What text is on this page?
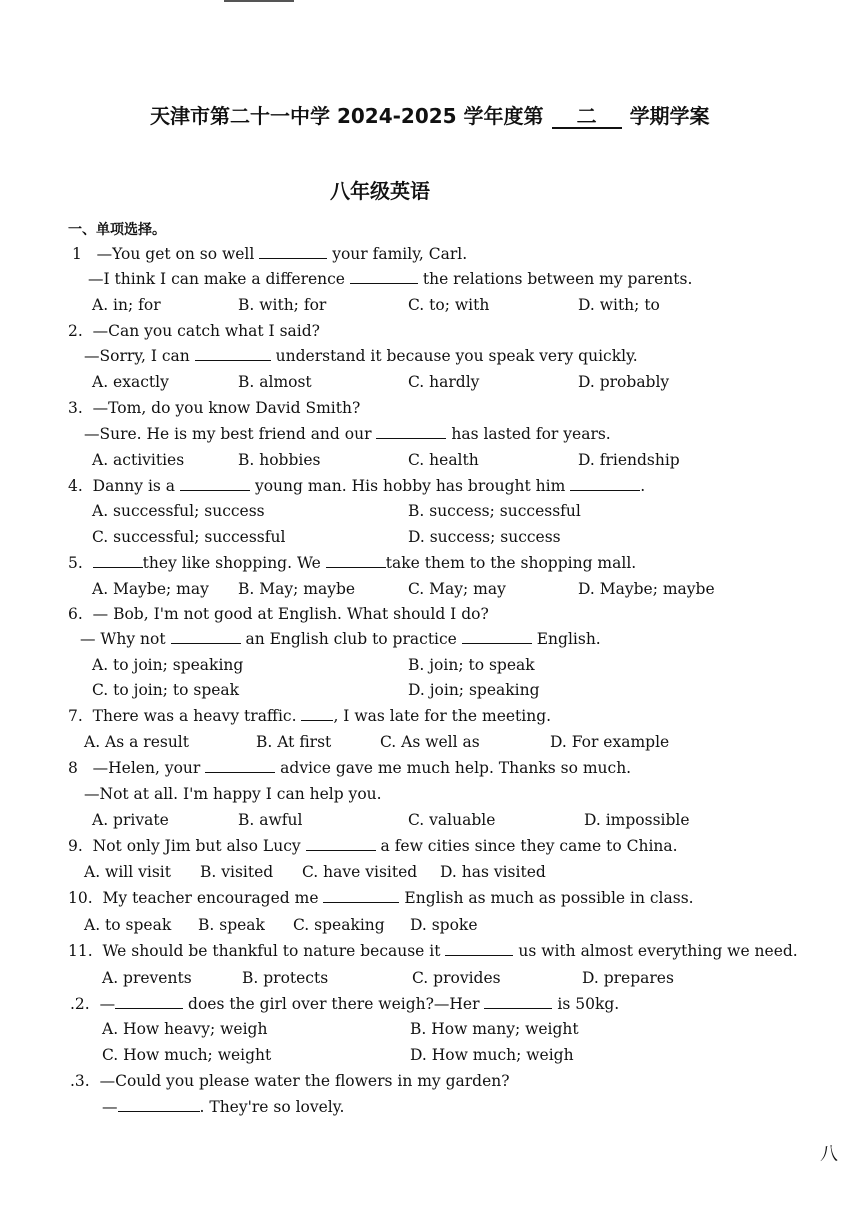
天津市第二十一中学 2024-2025 学年度第 二 学期学案
八年级英语
一、单项选择。
1 —You get on so well	your family, Carl.
—I think I can make a difference	the relations between my parents.
A. in; for	B. with; for	C. to; with	D. with; to
2. —Can you catch what I said?
—Sorry, I can	understand it because you speak very quickly.
A. exactly	B. almost	C. hardly	D. probably
3. —Tom, do you know David Smith?
—Sure. He is my best friend and our	has lasted for years.
A. activities	B. hobbies	C. health	D. friendship
4. Danny is a	young man. His hobby has brought him	.
A. successful; success	B. success; successful
C. successful; successful	D. success; success
5.	they like shopping. We	take them to the shopping mall.
A. Maybe; may B. May; maybe	C. May; may	D. Maybe; maybe
6. — Bob, I'm not good at English. What should I do?
— Why not	an English club to practice	English.
A. to join; speaking	B. join; to speak
C. to join; to speak	D. join; speaking
7. There was a heavy traffic. , I was late for the meeting.
A. As a result	B. At first	C. As well as	D. For example
8 —Helen, your	advice gave me much help. Thanks so much.
—Not at all. I'm happy I can help you.
A. private	B. awful	C. valuable	D. impossible
9. Not only Jim but also Lucy	a few cities since they came to China.
A. will visit B. visited C. have visited D. has visited
10. My teacher encouraged me	English as much as possible in class.
A. to speak B. speak C. speaking D. spoke
11. We should be thankful to nature because it	us with almost everything we need.
A. prevents	B. protects	C. provides	D. prepares
.2. —	does the girl over there weigh?—Her	is 50kg.
A. How heavy; weigh	B. How many; weight
C. How much; weight	D. How much; weigh
.3. —Could you please water the flowers in my garden?
—	. They're so lovely.
八
